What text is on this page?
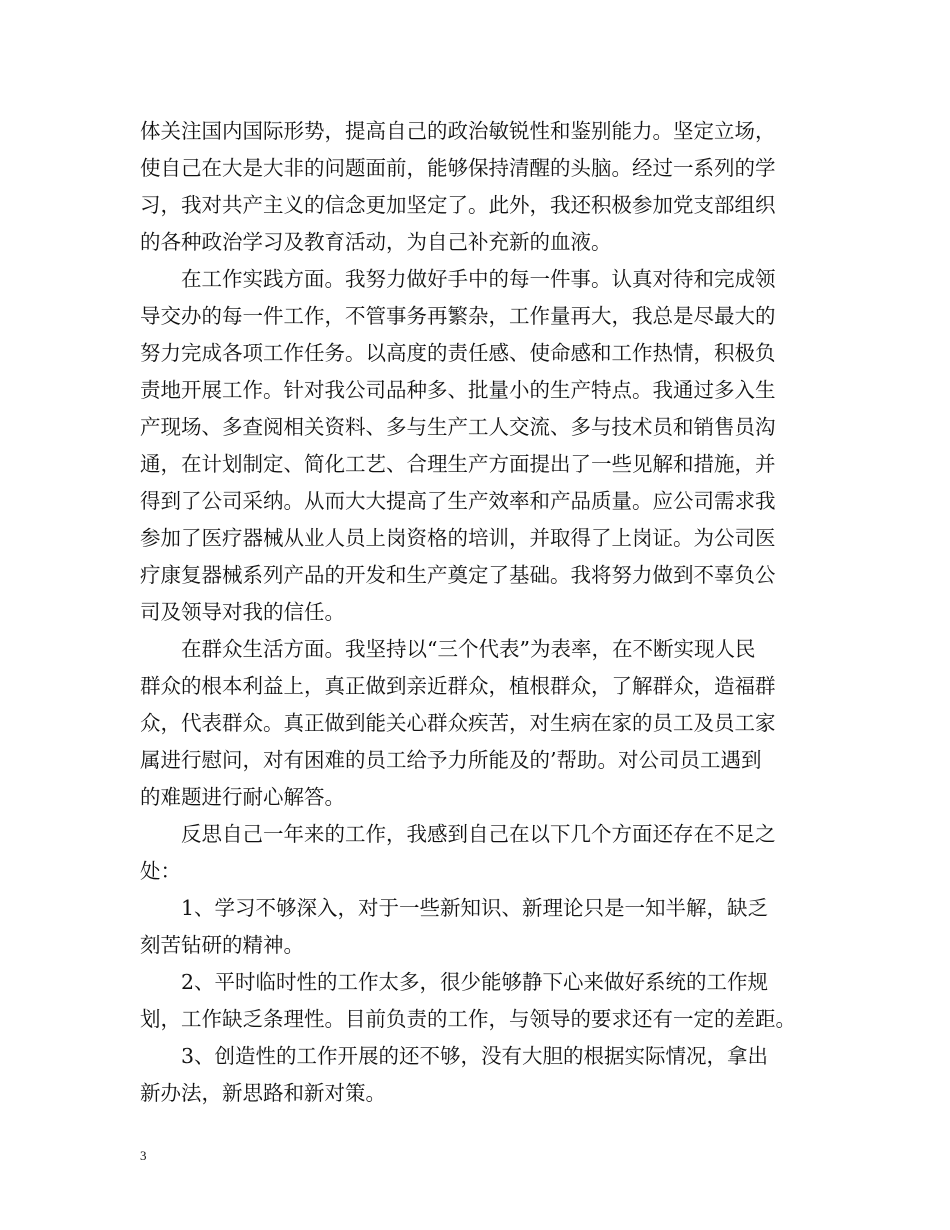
体关注国内国际形势，提高自己的政治敏锐性和鉴别能力。坚定立场，
使自己在大是大非的问题面前，能够保持清醒的头脑。经过一系列的学
习，我对共产主义的信念更加坚定了。此外，我还积极参加党支部组织
的各种政治学习及教育活动，为自己补充新的血液。
在工作实践方面。我努力做好手中的每一件事。认真对待和完成领
导交办的每一件工作，不管事务再繁杂，工作量再大，我总是尽最大的
努力完成各项工作任务。以高度的责任感、使命感和工作热情，积极负
责地开展工作。针对我公司品种多、批量小的生产特点。我通过多入生
产现场、多查阅相关资料、多与生产工人交流、多与技术员和销售员沟
通，在计划制定、简化工艺、合理生产方面提出了一些见解和措施，并
得到了公司采纳。从而大大提高了生产效率和产品质量。应公司需求我
参加了医疗器械从业人员上岗资格的培训，并取得了上岗证。为公司医
疗康复器械系列产品的开发和生产奠定了基础。我将努力做到不辜负公
司及领导对我的信任。
在群众生活方面。我坚持以“三个代表”为表率，在不断实现人民
群众的根本利益上，真正做到亲近群众，植根群众，了解群众，造福群
众，代表群众。真正做到能关心群众疾苦，对生病在家的员工及员工家
属进行慰问，对有困难的员工给予力所能及的’帮助。对公司员工遇到
的难题进行耐心解答。
反思自己一年来的工作，我感到自己在以下几个方面还存在不足之
处：
1、学习不够深入，对于一些新知识、新理论只是一知半解，缺乏
刻苦钻研的精神。
2、平时临时性的工作太多，很少能够静下心来做好系统的工作规
划，工作缺乏条理性。目前负责的工作，与领导的要求还有一定的差距。
3、创造性的工作开展的还不够，没有大胆的根据实际情况，拿出
新办法，新思路和新对策。
3
